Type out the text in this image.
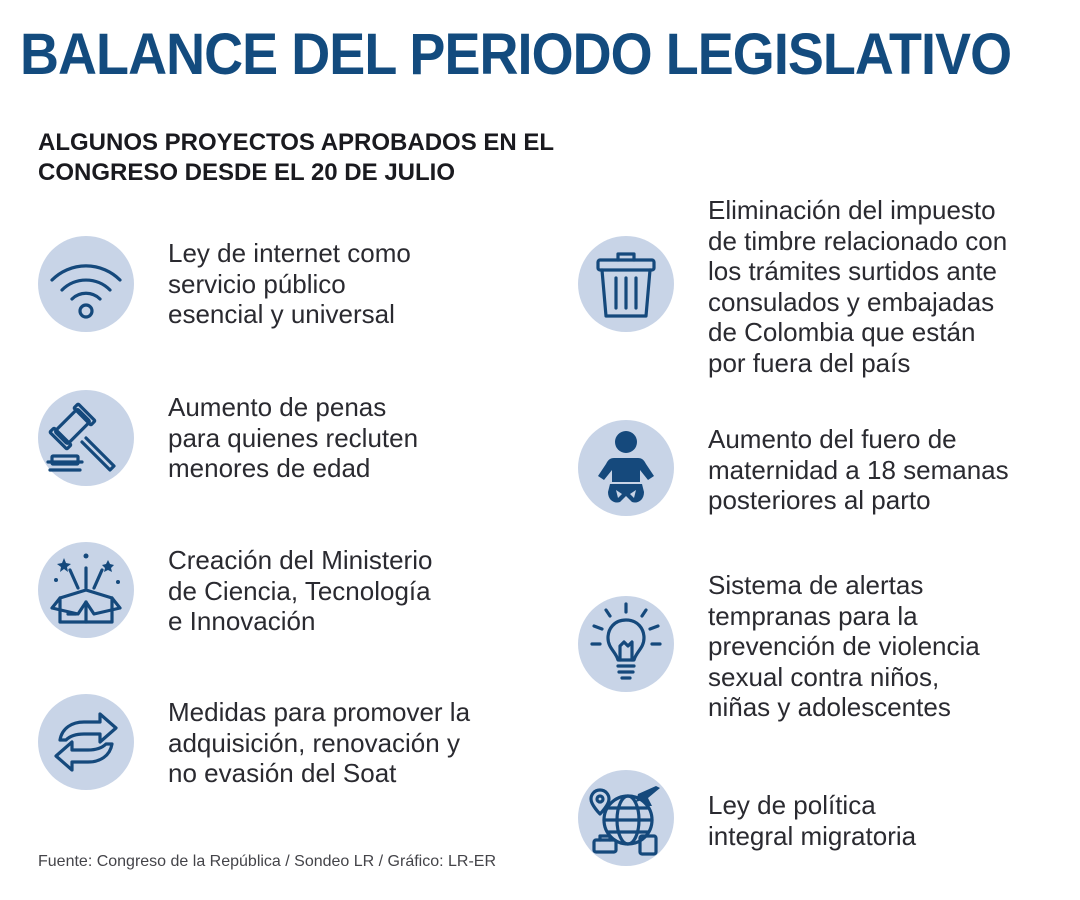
BALANCE DEL PERIODO LEGISLATIVO
ALGUNOS PROYECTOS APROBADOS EN EL
CONGRESO DESDE EL 20 DE JULIO
Ley de internet como
servicio público
esencial y universal
Aumento de penas
para quienes recluten
menores de edad
Creación del Ministerio
de Ciencia, Tecnología
e Innovación
Medidas para promover la
adquisición, renovación y
no evasión del Soat
Eliminación del impuesto
de timbre relacionado con
los trámites surtidos ante
consulados y embajadas
de Colombia que están
por fuera del país
Aumento del fuero de
maternidad a 18 semanas
posteriores al parto
Sistema de alertas
tempranas para la
prevención de violencia
sexual contra niños,
niñas y adolescentes
Ley de política
integral migratoria
Fuente: Congreso de la República / Sondeo LR / Gráfico: LR-ER
